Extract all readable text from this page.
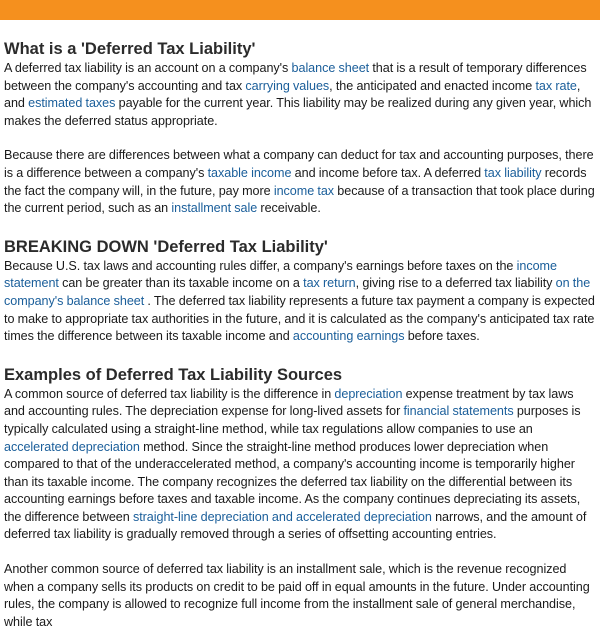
What is a 'Deferred Tax Liability'

A deferred tax liability is an account on a company's balance sheet that is a result of temporary differences between the company's accounting and tax carrying values, the anticipated and enacted income tax rate, and estimated taxes payable for the current year. This liability may be realized during any given year, which makes the deferred status appropriate.

Because there are differences between what a company can deduct for tax and accounting purposes, there is a difference between a company's taxable income and income before tax. A deferred tax liability records the fact the company will, in the future, pay more income tax because of a transaction that took place during the current period, such as an installment sale receivable.

BREAKING DOWN 'Deferred Tax Liability'

Because U.S. tax laws and accounting rules differ, a company's earnings before taxes on the income statement can be greater than its taxable income on a tax return, giving rise to a deferred tax liability on the company's balance sheet . The deferred tax liability represents a future tax payment a company is expected to make to appropriate tax authorities in the future, and it is calculated as the company's anticipated tax rate times the difference between its taxable income and accounting earnings before taxes.

Examples of Deferred Tax Liability Sources

A common source of deferred tax liability is the difference in depreciation expense treatment by tax laws and accounting rules. The depreciation expense for long-lived assets for financial statements purposes is typically calculated using a straight-line method, while tax regulations allow companies to use an accelerated depreciation method. Since the straight-line method produces lower depreciation when compared to that of the underaccelerated method, a company's accounting income is temporarily higher than its taxable income. The company recognizes the deferred tax liability on the differential between its accounting earnings before taxes and taxable income. As the company continues depreciating its assets, the difference between straight-line depreciation and accelerated depreciation narrows, and the amount of deferred tax liability is gradually removed through a series of offsetting accounting entries.

Another common source of deferred tax liability is an installment sale, which is the revenue recognized when a company sells its products on credit to be paid off in equal amounts in the future. Under accounting rules, the company is allowed to recognize full income from the installment sale of general merchandise, while tax
